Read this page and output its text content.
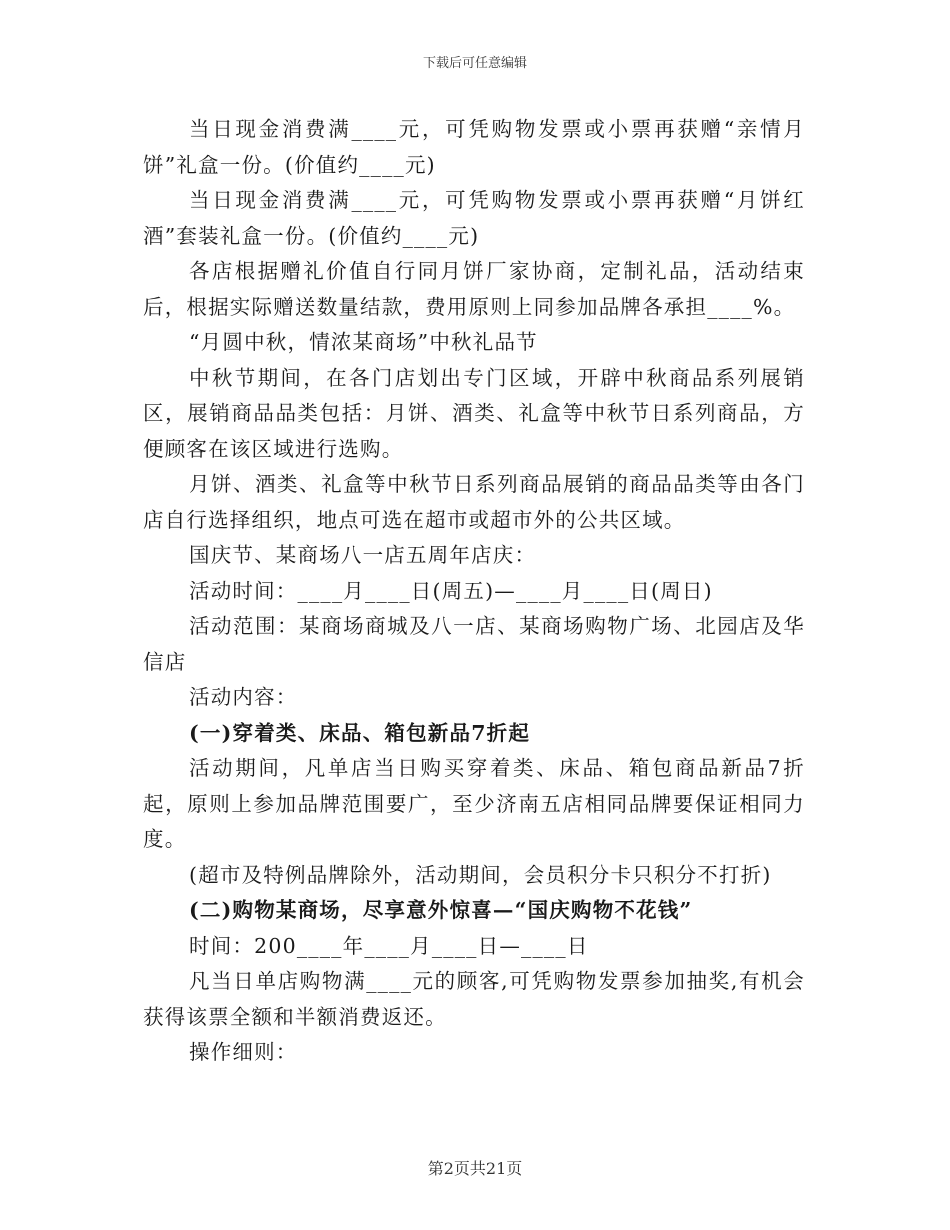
下载后可任意编辑

当日现金消费满____元，可凭购物发票或小票再获赠“亲情月饼”礼盒一份。(价值约____元)

当日现金消费满____元，可凭购物发票或小票再获赠“月饼红酒”套装礼盒一份。(价值约____元)

各店根据赠礼价值自行同月饼厂家协商，定制礼品，活动结束后，根据实际赠送数量结款，费用原则上同参加品牌各承担____%。

“月圆中秋，情浓某商场”中秋礼品节

中秋节期间，在各门店划出专门区域，开辟中秋商品系列展销区，展销商品品类包括：月饼、酒类、礼盒等中秋节日系列商品，方便顾客在该区域进行选购。

月饼、酒类、礼盒等中秋节日系列商品展销的商品品类等由各门店自行选择组织，地点可选在超市或超市外的公共区域。

国庆节、某商场八一店五周年店庆：

活动时间：____月____日(周五)—____月____日(周日)

活动范围：某商场商城及八一店、某商场购物广场、北园店及华信店

活动内容：

(一)穿着类、床品、箱包新品7折起

活动期间，凡单店当日购买穿着类、床品、箱包商品新品7折起，原则上参加品牌范围要广，至少济南五店相同品牌要保证相同力度。

(超市及特例品牌除外，活动期间，会员积分卡只积分不打折)

(二)购物某商场，尽享意外惊喜—“国庆购物不花钱”

时间：200____年____月____日—____日

凡当日单店购物满____元的顾客,可凭购物发票参加抽奖,有机会获得该票全额和半额消费返还。

操作细则：

第2页共21页
